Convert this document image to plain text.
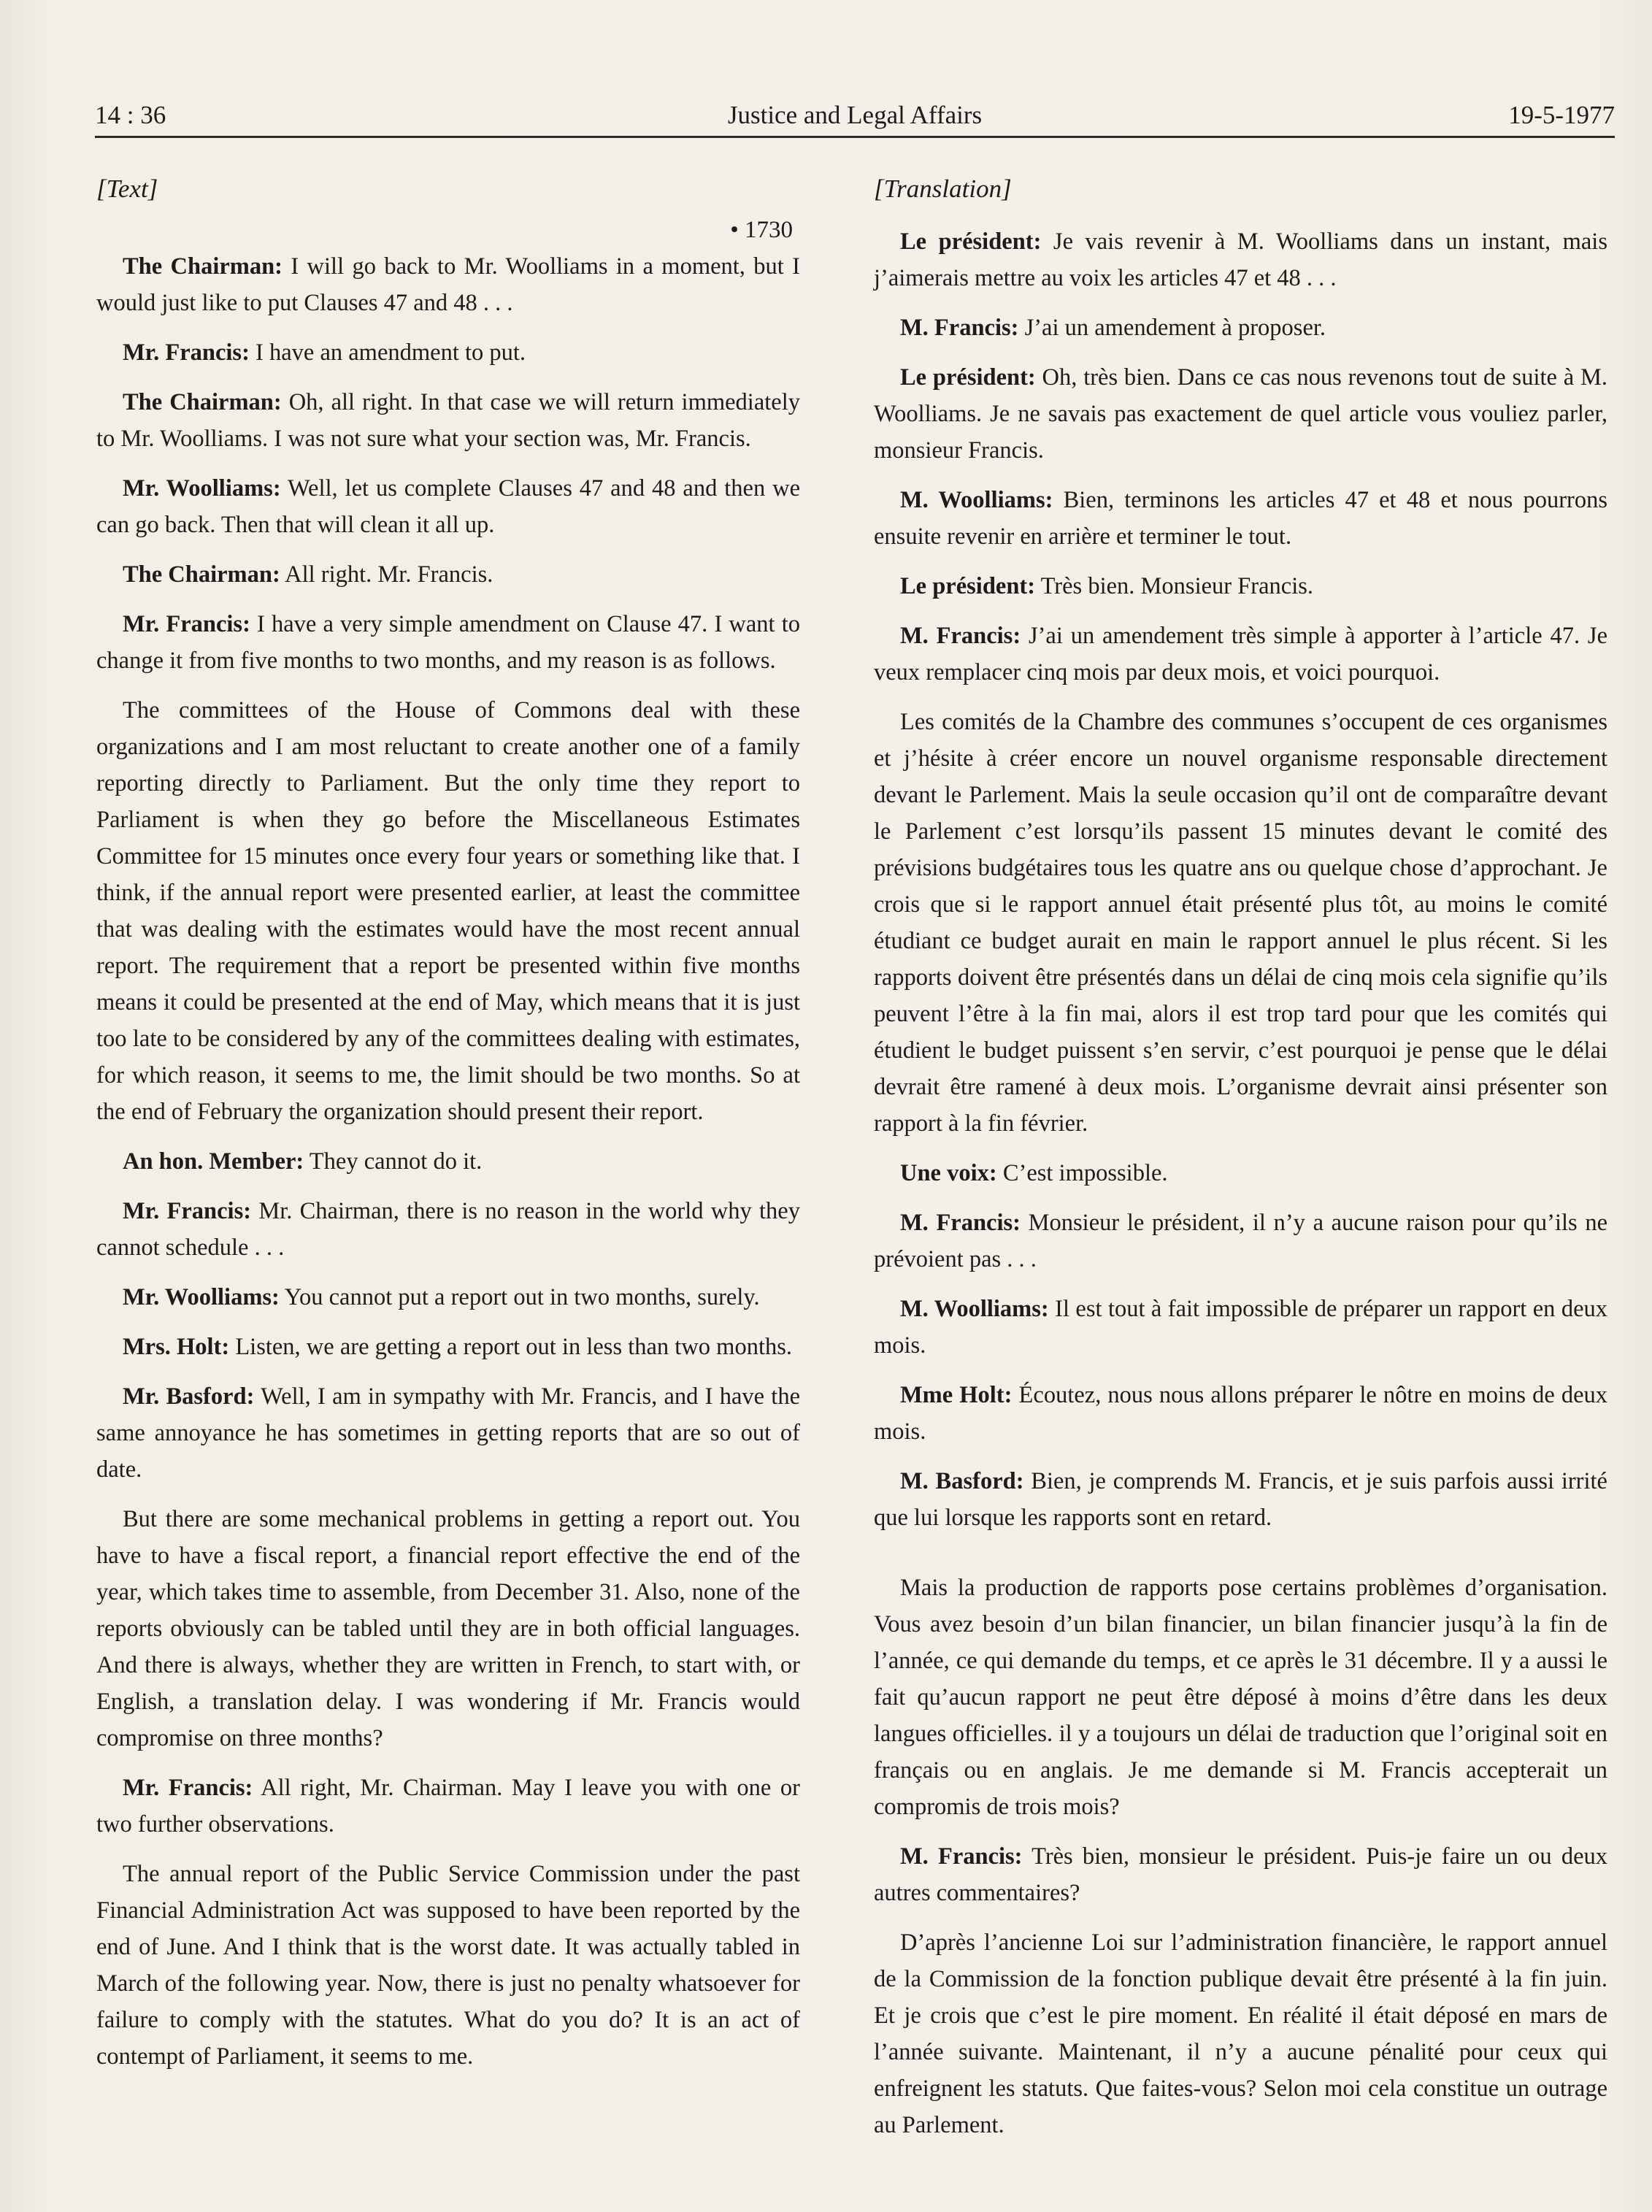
14 : 36	Justice and Legal Affairs	19-5-1977
[Text]
• 1730

The Chairman: I will go back to Mr. Woolliams in a moment, but I would just like to put Clauses 47 and 48 . . .

Mr. Francis: I have an amendment to put.

The Chairman: Oh, all right. In that case we will return immediately to Mr. Woolliams. I was not sure what your section was, Mr. Francis.

Mr. Woolliams: Well, let us complete Clauses 47 and 48 and then we can go back. Then that will clean it all up.

The Chairman: All right. Mr. Francis.

Mr. Francis: I have a very simple amendment on Clause 47. I want to change it from five months to two months, and my reason is as follows.

The committees of the House of Commons deal with these organizations and I am most reluctant to create another one of a family reporting directly to Parliament. But the only time they report to Parliament is when they go before the Miscellaneous Estimates Committee for 15 minutes once every four years or something like that. I think, if the annual report were presented earlier, at least the committee that was dealing with the estimates would have the most recent annual report. The requirement that a report be presented within five months means it could be presented at the end of May, which means that it is just too late to be considered by any of the committees dealing with estimates, for which reason, it seems to me, the limit should be two months. So at the end of February the organization should present their report.

An hon. Member: They cannot do it.

Mr. Francis: Mr. Chairman, there is no reason in the world why they cannot schedule . . .

Mr. Woolliams: You cannot put a report out in two months, surely.

Mrs. Holt: Listen, we are getting a report out in less than two months.

Mr. Basford: Well, I am in sympathy with Mr. Francis, and I have the same annoyance he has sometimes in getting reports that are so out of date.

But there are some mechanical problems in getting a report out. You have to have a fiscal report, a financial report effective the end of the year, which takes time to assemble, from December 31. Also, none of the reports obviously can be tabled until they are in both official languages. And there is always, whether they are written in French, to start with, or English, a translation delay. I was wondering if Mr. Francis would compromise on three months?

Mr. Francis: All right, Mr. Chairman. May I leave you with one or two further observations.

The annual report of the Public Service Commission under the past Financial Administration Act was supposed to have been reported by the end of June. And I think that is the worst date. It was actually tabled in March of the following year. Now, there is just no penalty whatsoever for failure to comply with the statutes. What do you do? It is an act of contempt of Parliament, it seems to me.

[Translation]

Le président: Je vais revenir à M. Woolliams dans un instant, mais j’aimerais mettre au voix les articles 47 et 48 . . .

M. Francis: J’ai un amendement à proposer.

Le président: Oh, très bien. Dans ce cas nous revenons tout de suite à M. Woolliams. Je ne savais pas exactement de quel article vous vouliez parler, monsieur Francis.

M. Woolliams: Bien, terminons les articles 47 et 48 et nous pourrons ensuite revenir en arrière et terminer le tout.

Le président: Très bien. Monsieur Francis.

M. Francis: J’ai un amendement très simple à apporter à l’article 47. Je veux remplacer cinq mois par deux mois, et voici pourquoi.

Les comités de la Chambre des communes s’occupent de ces organismes et j’hésite à créer encore un nouvel organisme responsable directement devant le Parlement. Mais la seule occasion qu’il ont de comparaître devant le Parlement c’est lorsqu’ils passent 15 minutes devant le comité des prévisions budgétaires tous les quatre ans ou quelque chose d’approchant. Je crois que si le rapport annuel était présenté plus tôt, au moins le comité étudiant ce budget aurait en main le rapport annuel le plus récent. Si les rapports doivent être présentés dans un délai de cinq mois cela signifie qu’ils peuvent l’être à la fin mai, alors il est trop tard pour que les comités qui étudient le budget puissent s’en servir, c’est pourquoi je pense que le délai devrait être ramené à deux mois. L’organisme devrait ainsi présenter son rapport à la fin février.

Une voix: C’est impossible.

M. Francis: Monsieur le président, il n’y a aucune raison pour qu’ils ne prévoient pas . . .

M. Woolliams: Il est tout à fait impossible de préparer un rapport en deux mois.

Mme Holt: Écoutez, nous nous allons préparer le nôtre en moins de deux mois.

M. Basford: Bien, je comprends M. Francis, et je suis parfois aussi irrité que lui lorsque les rapports sont en retard.

Mais la production de rapports pose certains problèmes d’organisation. Vous avez besoin d’un bilan financier, un bilan financier jusqu’à la fin de l’année, ce qui demande du temps, et ce après le 31 décembre. Il y a aussi le fait qu’aucun rapport ne peut être déposé à moins d’être dans les deux langues officielles. il y a toujours un délai de traduction que l’original soit en français ou en anglais. Je me demande si M. Francis accepterait un compromis de trois mois?

M. Francis: Très bien, monsieur le président. Puis-je faire un ou deux autres commentaires?

D’après l’ancienne Loi sur l’administration financière, le rapport annuel de la Commission de la fonction publique devait être présenté à la fin juin. Et je crois que c’est le pire moment. En réalité il était déposé en mars de l’année suivante. Maintenant, il n’y a aucune pénalité pour ceux qui enfreignent les statuts. Que faites-vous? Selon moi cela constitue un outrage au Parlement.
